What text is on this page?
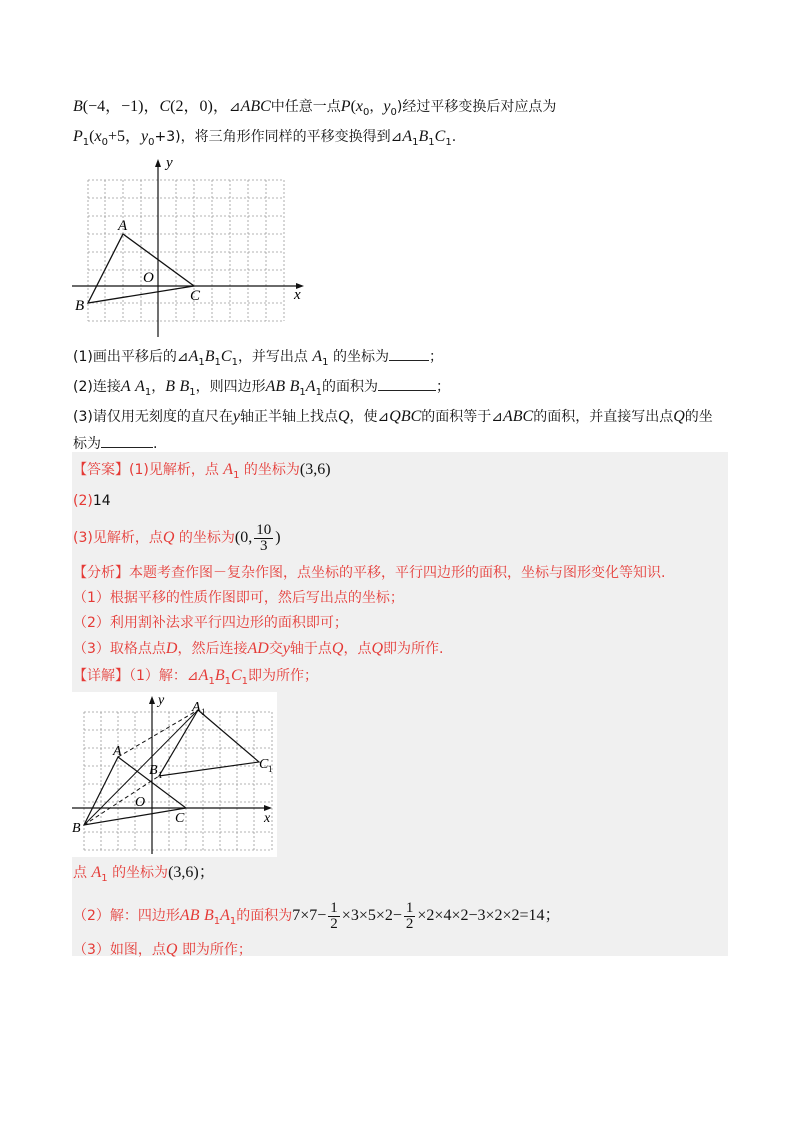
B(−4，−1)，C(2，0)，⊿ABC中任意一点$P(x_0$，$y_0$)经过平移变换后对应点为
$P_1(x_0+5$，$y_0+3$)，将三角形作同样的平移变换得到$⊿A_1B_1C_1$.
y
x
A
O
B
C
(1)画出平移后的$⊿A_1B_1C_1$，并写出点 $A_1$ 的坐标为	；
(2)连接A $A_1$，B $B_1$，则四边形AB $B_1A_1$的面积为	；
(3)请仅用无刻度的直尺在y轴正半轴上找点Q，使⊿QBC的面积等于⊿ABC的面积，并直接写出点Q的坐
标为	.
【答案】(1)见解析，点 $A_1$ 的坐标为(3,6)
(2)14
(3)见解析，点Q 的坐标为(0, $\frac{10}{3}$ )
【分析】本题考查作图－复杂作图，点坐标的平移，平行四边形的面积，坐标与图形变化等知识.
（1）根据平移的性质作图即可，然后写出点的坐标；
（2）利用割补法求平行四边形的面积即可；
（3）取格点点D，然后连接AD交y轴于点Q，点Q即为所作.
【详解】（1）解：$⊿A_1B_1C_1$即为所作；
y
x
A
O
B
C
A 1
B 1
C 1
点 $A_1$ 的坐标为(3,6)；
（2）解：四边形AB $B_1A_1$的面积为$7\times 7- \frac{1}{2} \times 3\times 5\times 2- \frac{1}{2} \times 2\times 4\times 2-3\times 2\times 2=14$；
（3）如图，点Q 即为所作；
